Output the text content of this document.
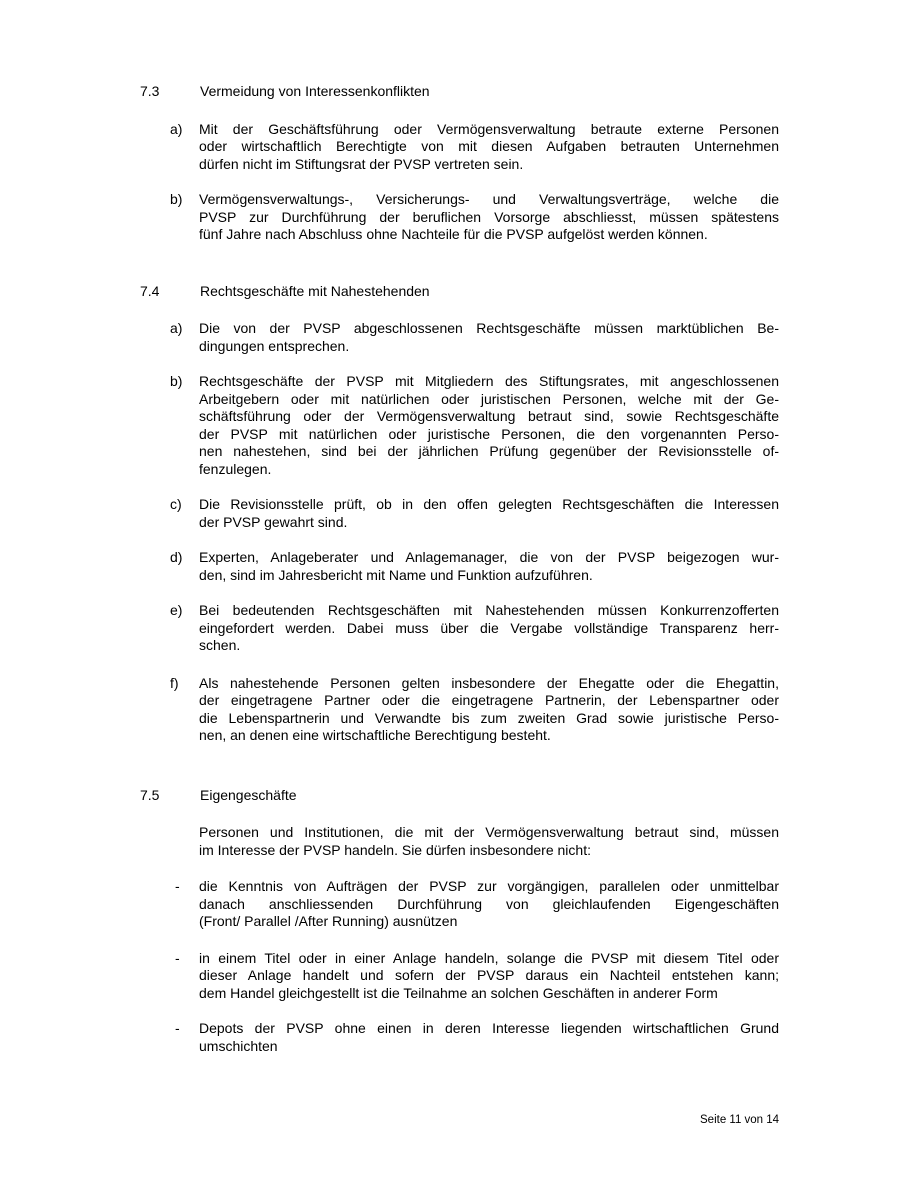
7.3	Vermeidung von Interessenkonflikten
a)	Mit der Geschäftsführung oder Vermögensverwaltung betraute externe Personen
oder wirtschaftlich Berechtigte von mit diesen Aufgaben betrauten Unternehmen
dürfen nicht im Stiftungsrat der PVSP vertreten sein.
b)	Vermögensverwaltungs-, Versicherungs- und Verwaltungsverträge, welche die
PVSP zur Durchführung der beruflichen Vorsorge abschliesst, müssen spätestens
fünf Jahre nach Abschluss ohne Nachteile für die PVSP aufgelöst werden können.
7.4	Rechtsgeschäfte mit Nahestehenden
a)	Die von der PVSP abgeschlossenen Rechtsgeschäfte müssen marktüblichen Be-
dingungen entsprechen.
b)	Rechtsgeschäfte der PVSP mit Mitgliedern des Stiftungsrates, mit angeschlossenen
Arbeitgebern oder mit natürlichen oder juristischen Personen, welche mit der Ge-
schäftsführung oder der Vermögensverwaltung betraut sind, sowie Rechtsgeschäfte
der PVSP mit natürlichen oder juristische Personen, die den vorgenannten Perso-
nen nahestehen, sind bei der jährlichen Prüfung gegenüber der Revisionsstelle of-
fenzulegen.
c)	Die Revisionsstelle prüft, ob in den offen gelegten Rechtsgeschäften die Interessen
der PVSP gewahrt sind.
d)	Experten, Anlageberater und Anlagemanager, die von der PVSP beigezogen wur-
den, sind im Jahresbericht mit Name und Funktion aufzuführen.
e)	Bei bedeutenden Rechtsgeschäften mit Nahestehenden müssen Konkurrenzofferten
eingefordert werden. Dabei muss über die Vergabe vollständige Transparenz herr-
schen.
f)	Als nahestehende Personen gelten insbesondere der Ehegatte oder die Ehegattin,
der eingetragene Partner oder die eingetragene Partnerin, der Lebenspartner oder
die Lebenspartnerin und Verwandte bis zum zweiten Grad sowie juristische Perso-
nen, an denen eine wirtschaftliche Berechtigung besteht.
7.5	Eigengeschäfte
Personen und Institutionen, die mit der Vermögensverwaltung betraut sind, müssen
im Interesse der PVSP handeln. Sie dürfen insbesondere nicht:
-	die Kenntnis von Aufträgen der PVSP zur vorgängigen, parallelen oder unmittelbar
danach anschliessenden Durchführung von gleichlaufenden Eigengeschäften
(Front/ Parallel /After Running) ausnützen
-	in einem Titel oder in einer Anlage handeln, solange die PVSP mit diesem Titel oder
dieser Anlage handelt und sofern der PVSP daraus ein Nachteil entstehen kann;
dem Handel gleichgestellt ist die Teilnahme an solchen Geschäften in anderer Form
-	Depots der PVSP ohne einen in deren Interesse liegenden wirtschaftlichen Grund
umschichten
Seite 11 von 14
